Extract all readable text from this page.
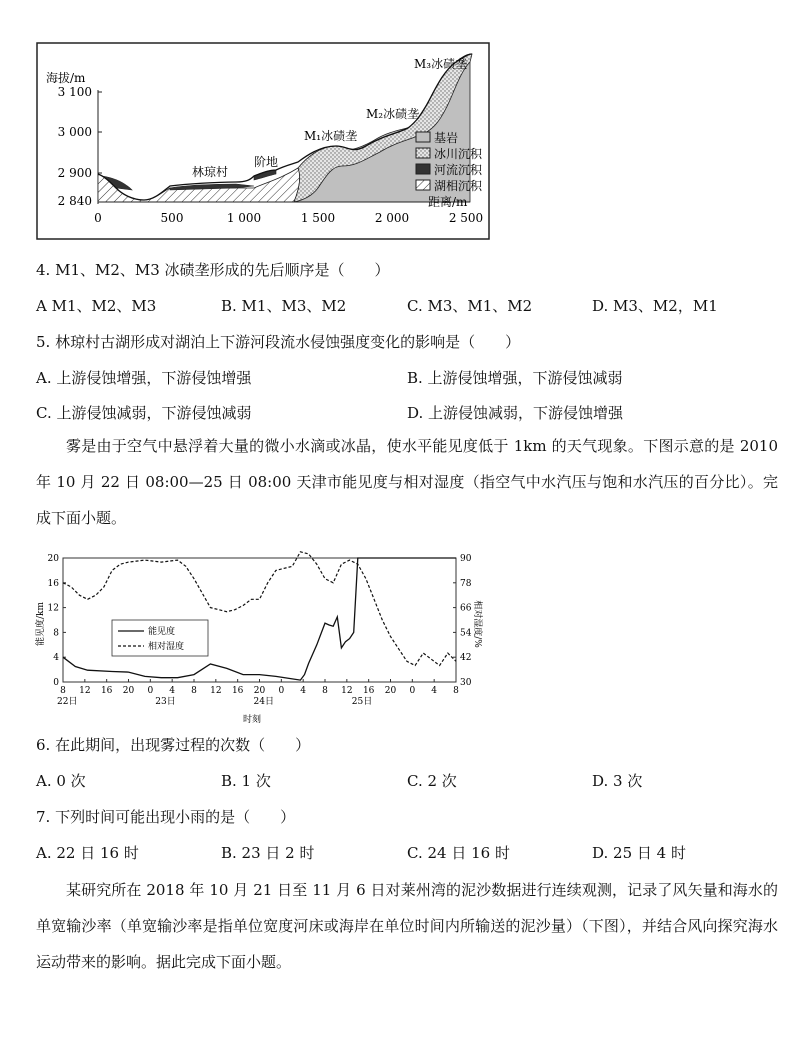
海拔/m
3 100
3 000
2 900
2 840
0	500	1 000	1 500	2 000	2 500
距离/m
林琼村
阶地
M₁冰碛垄
M₂冰碛垄
M₃冰碛垄
基岩
冰川沉积
河流沉积
湖相沉积
4. M1、M2、M3 冰碛垄形成的先后顺序是（　　）
A M1、M2、M3	B. M1、M3、M2	C. M3、M1、M2	D. M3、M2，M1
5. 林琼村古湖形成对湖泊上下游河段流水侵蚀强度变化的影响是（　　）
A. 上游侵蚀增强，下游侵蚀增强	B. 上游侵蚀增强，下游侵蚀减弱
C. 上游侵蚀减弱，下游侵蚀减弱	D. 上游侵蚀减弱，下游侵蚀增强
雾是由于空气中悬浮着大量的微小水滴或冰晶，使水平能见度低于 1km 的天气现象。下图示意的是 2010 年 10 月 22 日 08:00—25 日 08:00 天津市能见度与相对湿度（指空气中水汽压与饱和水汽压的百分比）。完成下面小题。
0
4
8
12
16
20
30
42
54
66
78
90
8 12 16 20 0 4 8 12 16 20 0 4 8 12 16 20 0 4 8
22日	23日	24日	25日
能见度/km	相对湿度/%
时刻
能见度
相对湿度
6. 在此期间，出现雾过程的次数（　　）
A. 0 次	B. 1 次	C. 2 次	D. 3 次
7. 下列时间可能出现小雨的是（　　）
A. 22 日 16 时	B. 23 日 2 时	C. 24 日 16 时	D. 25 日 4 时
某研究所在 2018 年 10 月 21 日至 11 月 6 日对莱州湾的泥沙数据进行连续观测，记录了风矢量和海水的单宽输沙率（单宽输沙率是指单位宽度河床或海岸在单位时间内所输送的泥沙量）（下图），并结合风向探究海水运动带来的影响。据此完成下面小题。
